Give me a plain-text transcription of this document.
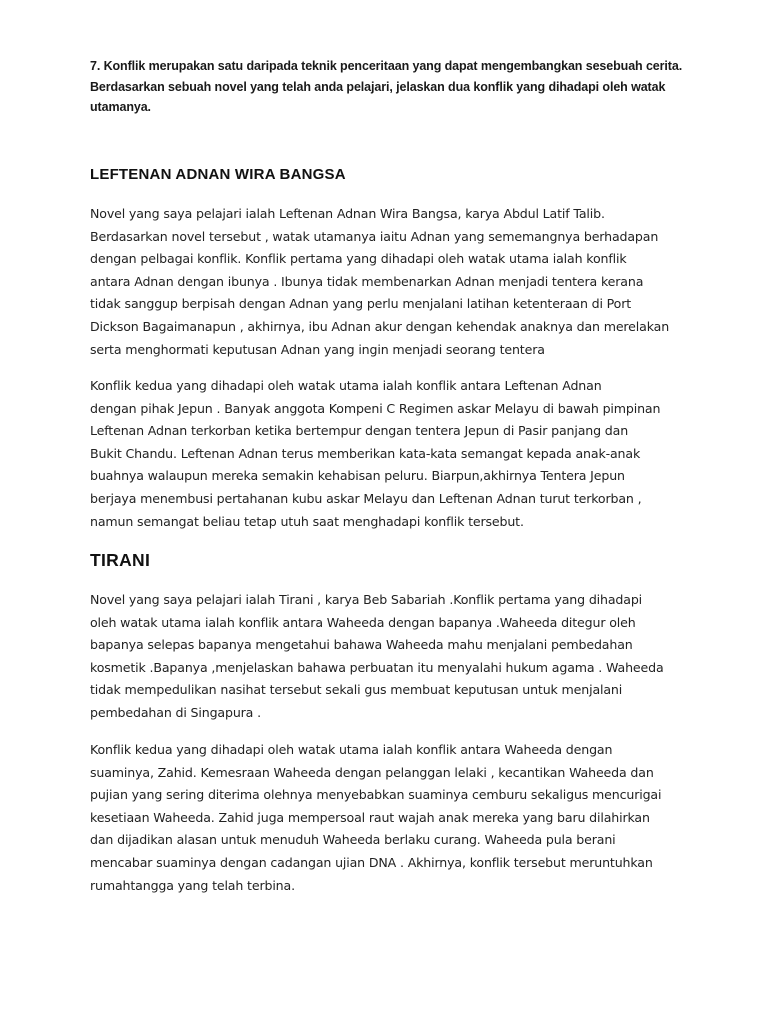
7. Konflik merupakan satu daripada teknik penceritaan yang dapat mengembangkan sesebuah cerita.
Berdasarkan sebuah novel yang telah anda pelajari, jelaskan dua konflik yang dihadapi oleh watak
utamanya.
LEFTENAN ADNAN WIRA BANGSA
Novel yang saya pelajari ialah Leftenan Adnan Wira Bangsa, karya Abdul Latif Talib.
Berdasarkan novel tersebut , watak utamanya iaitu Adnan yang sememangnya berhadapan
dengan pelbagai konflik. Konflik pertama yang dihadapi oleh watak utama ialah konflik
antara Adnan dengan ibunya . Ibunya tidak membenarkan Adnan menjadi tentera kerana
tidak sanggup berpisah dengan Adnan yang perlu menjalani latihan ketenteraan di Port
Dickson Bagaimanapun , akhirnya, ibu Adnan akur dengan kehendak anaknya dan merelakan
serta menghormati keputusan Adnan yang ingin menjadi seorang tentera
Konflik kedua yang dihadapi oleh watak utama ialah konflik antara Leftenan Adnan
dengan pihak Jepun . Banyak anggota Kompeni C Regimen askar Melayu di bawah pimpinan
Leftenan Adnan terkorban ketika bertempur dengan tentera Jepun di Pasir panjang dan
Bukit Chandu. Leftenan Adnan terus memberikan kata-kata semangat kepada anak-anak
buahnya walaupun mereka semakin kehabisan peluru. Biarpun,akhirnya Tentera Jepun
berjaya menembusi pertahanan kubu askar Melayu dan Leftenan Adnan turut terkorban ,
namun semangat beliau tetap utuh saat menghadapi konflik tersebut.
TIRANI
Novel yang saya pelajari ialah Tirani , karya Beb Sabariah .Konflik pertama yang dihadapi
oleh watak utama ialah konflik antara Waheeda dengan bapanya .Waheeda ditegur oleh
bapanya selepas bapanya mengetahui bahawa Waheeda mahu menjalani pembedahan
kosmetik .Bapanya ,menjelaskan bahawa perbuatan itu menyalahi hukum agama . Waheeda
tidak mempedulikan nasihat tersebut sekali gus membuat keputusan untuk menjalani
pembedahan di Singapura .
Konflik kedua yang dihadapi oleh watak utama ialah konflik antara Waheeda dengan
suaminya, Zahid. Kemesraan Waheeda dengan pelanggan lelaki , kecantikan Waheeda dan
pujian yang sering diterima olehnya menyebabkan suaminya cemburu sekaligus mencurigai
kesetiaan Waheeda. Zahid juga mempersoal raut wajah anak mereka yang baru dilahirkan
dan dijadikan alasan untuk menuduh Waheeda berlaku curang. Waheeda pula berani
mencabar suaminya dengan cadangan ujian DNA . Akhirnya, konflik tersebut meruntuhkan
rumahtangga yang telah terbina.
